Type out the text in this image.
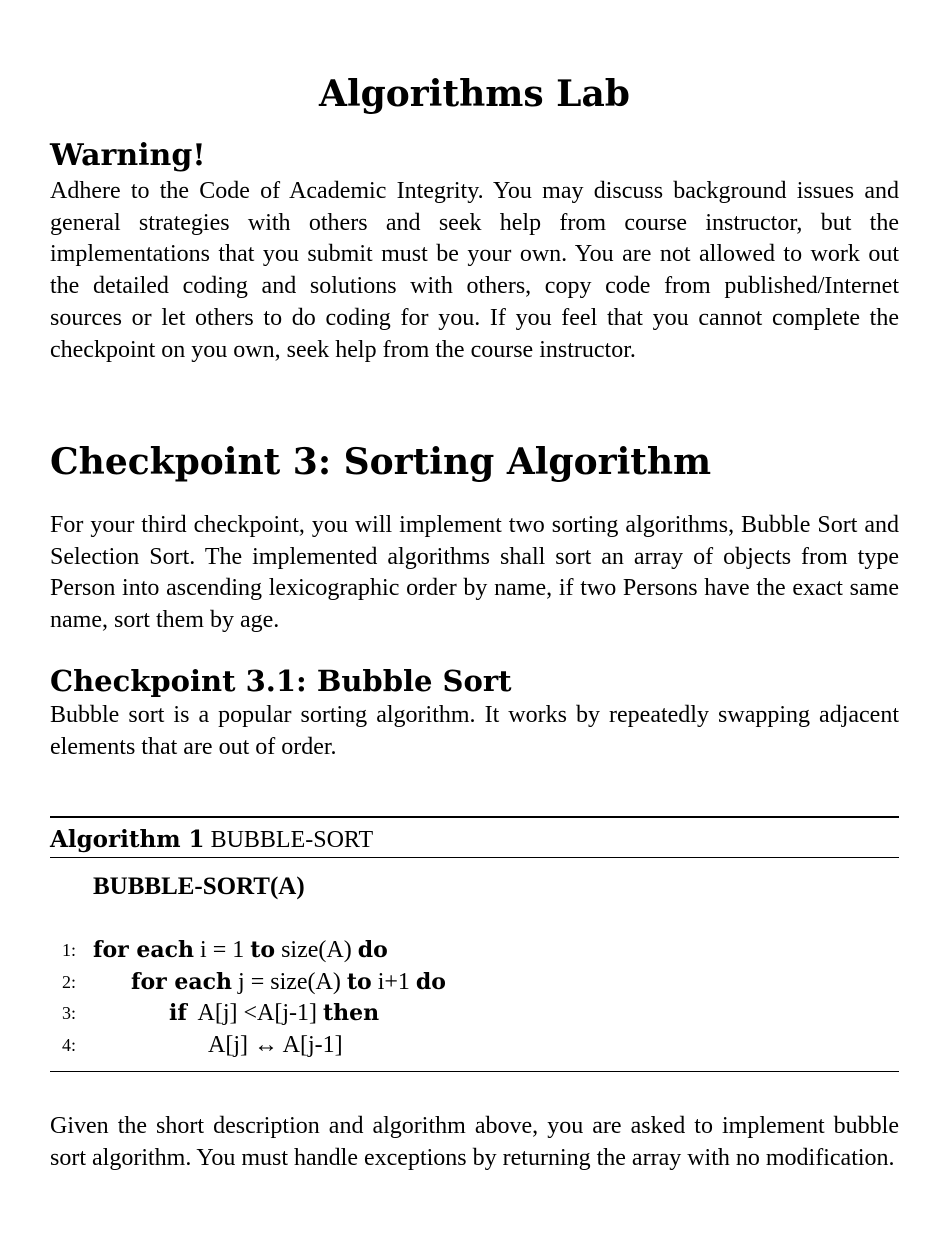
Algorithms Lab
Warning!
Adhere to the Code of Academic Integrity. You may discuss background issues and general strategies with others and seek help from course instructor, but the implementations that you submit must be your own. You are not allowed to work out the detailed coding and solutions with others, copy code from published/Internet sources or let others to do coding for you. If you feel that you cannot complete the checkpoint on you own, seek help from the course instructor.
Checkpoint 3: Sorting Algorithm
For your third checkpoint, you will implement two sorting algorithms, Bubble Sort and Selection Sort. The implemented algorithms shall sort an array of objects from type Person into ascending lexicographic order by name, if two Persons have the exact same name, sort them by age.
Checkpoint 3.1: Bubble Sort
Bubble sort is a popular sorting algorithm. It works by repeatedly swapping adjacent elements that are out of order.
Algorithm 1 BUBBLE-SORT
BUBBLE-SORT(A)
1: for each i = 1 to size(A) do
2: for each j = size(A) to i+1 do
3:	if  A[j] <A[j-1] then
4:	A[j] ↔ A[j-1]
Given the short description and algorithm above, you are asked to implement bubble sort algorithm. You must handle exceptions by returning the array with no modification.
